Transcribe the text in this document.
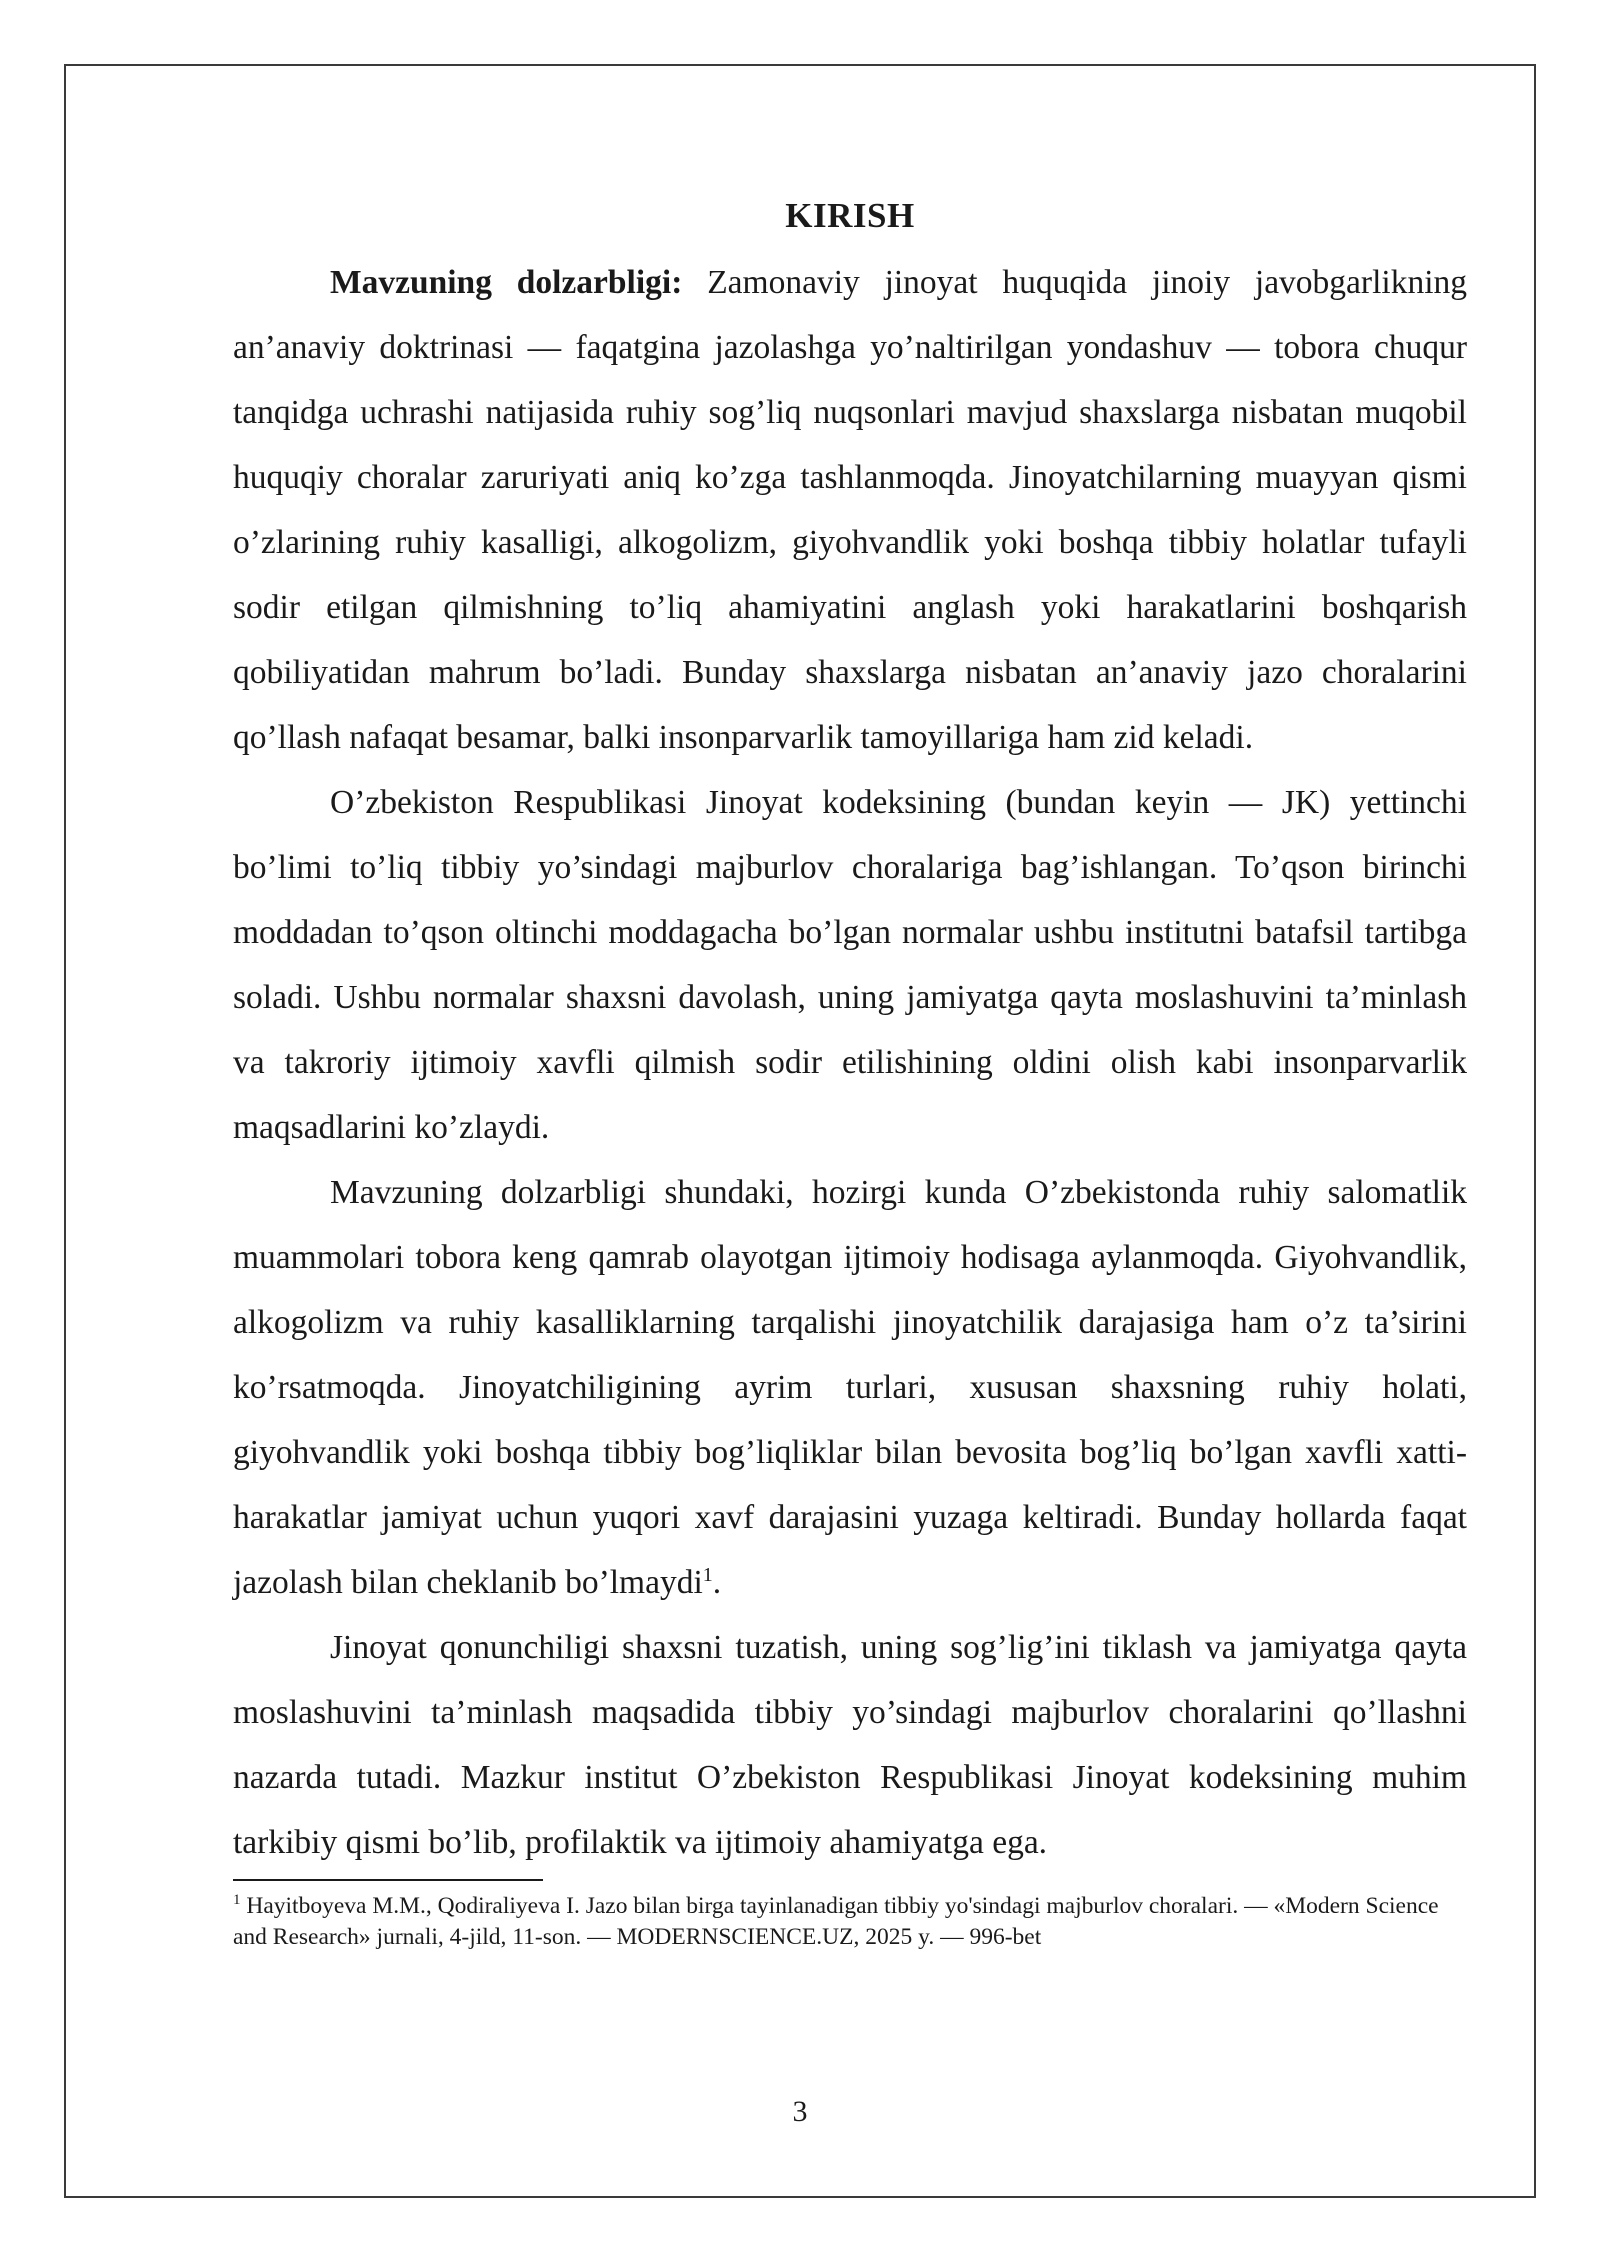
KIRISH

Mavzuning dolzarbligi: Zamonaviy jinoyat huquqida jinoiy javobgarlikning an’anaviy doktrinasi — faqatgina jazolashga yo’naltirilgan yondashuv — tobora chuqur tanqidga uchrashi natijasida ruhiy sog’liq nuqsonlari mavjud shaxslarga nisbatan muqobil huquqiy choralar zaruriyati aniq ko’zga tashlanmoqda. Jinoyatchilarning muayyan qismi o’zlarining ruhiy kasalligi, alkogolizm, giyohvandlik yoki boshqa tibbiy holatlar tufayli sodir etilgan qilmishning to’liq ahamiyatini anglash yoki harakatlarini boshqarish qobiliyatidan mahrum bo’ladi. Bunday shaxslarga nisbatan an’anaviy jazo choralarini qo’llash nafaqat besamar, balki insonparvarlik tamoyillariga ham zid keladi.

O’zbekiston Respublikasi Jinoyat kodeksining (bundan keyin — JK) yettinchi bo’limi to’liq tibbiy yo’sindagi majburlov choralariga bag’ishlangan. To’qson birinchi moddadan to’qson oltinchi moddagacha bo’lgan normalar ushbu institutni batafsil tartibga soladi. Ushbu normalar shaxsni davolash, uning jamiyatga qayta moslashuvini ta’minlash va takroriy ijtimoiy xavfli qilmish sodir etilishining oldini olish kabi insonparvarlik maqsadlarini ko’zlaydi.

Mavzuning dolzarbligi shundaki, hozirgi kunda O’zbekistonda ruhiy salomatlik muammolari tobora keng qamrab olayotgan ijtimoiy hodisaga aylanmoqda. Giyohvandlik, alkogolizm va ruhiy kasalliklarning tarqalishi jinoyatchilik darajasiga ham o’z ta’sirini ko’rsatmoqda. Jinoyatchiligining ayrim turlari, xususan shaxsning ruhiy holati, giyohvandlik yoki boshqa tibbiy bog’liqliklar bilan bevosita bog’liq bo’lgan xavfli xatti-harakatlar jamiyat uchun yuqori xavf darajasini yuzaga keltiradi. Bunday hollarda faqat jazolash bilan cheklanib bo’lmaydi$^1$.

Jinoyat qonunchiligi shaxsni tuzatish, uning sog’lig’ini tiklash va jamiyatga qayta moslashuvini ta’minlash maqsadida tibbiy yo’sindagi majburlov choralarini qo’llashni nazarda tutadi. Mazkur institut O’zbekiston Respublikasi Jinoyat kodeksining muhim tarkibiy qismi bo’lib, profilaktik va ijtimoiy ahamiyatga ega.

$^1$ Hayitboyeva M.M., Qodiraliyeva I. Jazo bilan birga tayinlanadigan tibbiy yo'sindagi majburlov choralari. — «Modern Science and Research» jurnali, 4-jild, 11-son. — MODERNSCIENCE.UZ, 2025 y. — 996-bet

3
